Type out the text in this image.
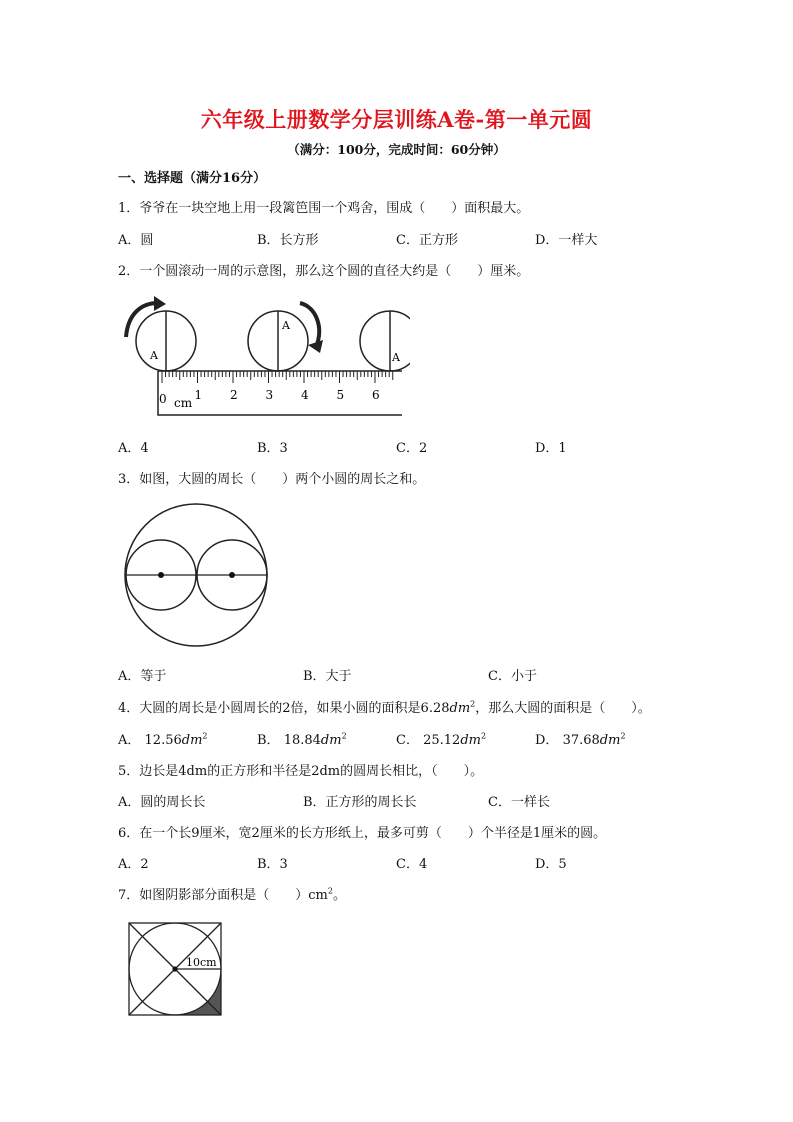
六年级上册数学分层训练A卷-第一单元圆
（满分：100分，完成时间：60分钟）
一、选择题（满分16分）
1．爷爷在一块空地上用一段篱笆围一个鸡舍，围成（　　）面积最大。
A．圆	B．长方形	C．正方形	D．一样大
2．一个圆滚动一周的示意图，那么这个圆的直径大约是（　　）厘米。
A
A
A
0 1 2 3 4 5 6
cm
A．4	B．3	C．2	D．1
3．如图，大圆的周长（　　）两个小圆的周长之和。
A．等于	B．大于	C．小于
4．大圆的周长是小圆周长的2倍，如果小圆的面积是$6.28dm^2$，那么大圆的面积是（　　）。
A． $12.56dm^2$	B． $18.84dm^2$	C． $25.12dm^2$	D． $37.68dm^2$
5．边长是4dm的正方形和半径是2dm的圆周长相比，（　　）。
A．圆的周长长	B．正方形的周长长	C．一样长
6．在一个长9厘米，宽2厘米的长方形纸上，最多可剪（　　）个半径是1厘米的圆。
A．2	B．3	C．4	D．5
7．如图阴影部分面积是（　　）$cm^2$。
10cm
